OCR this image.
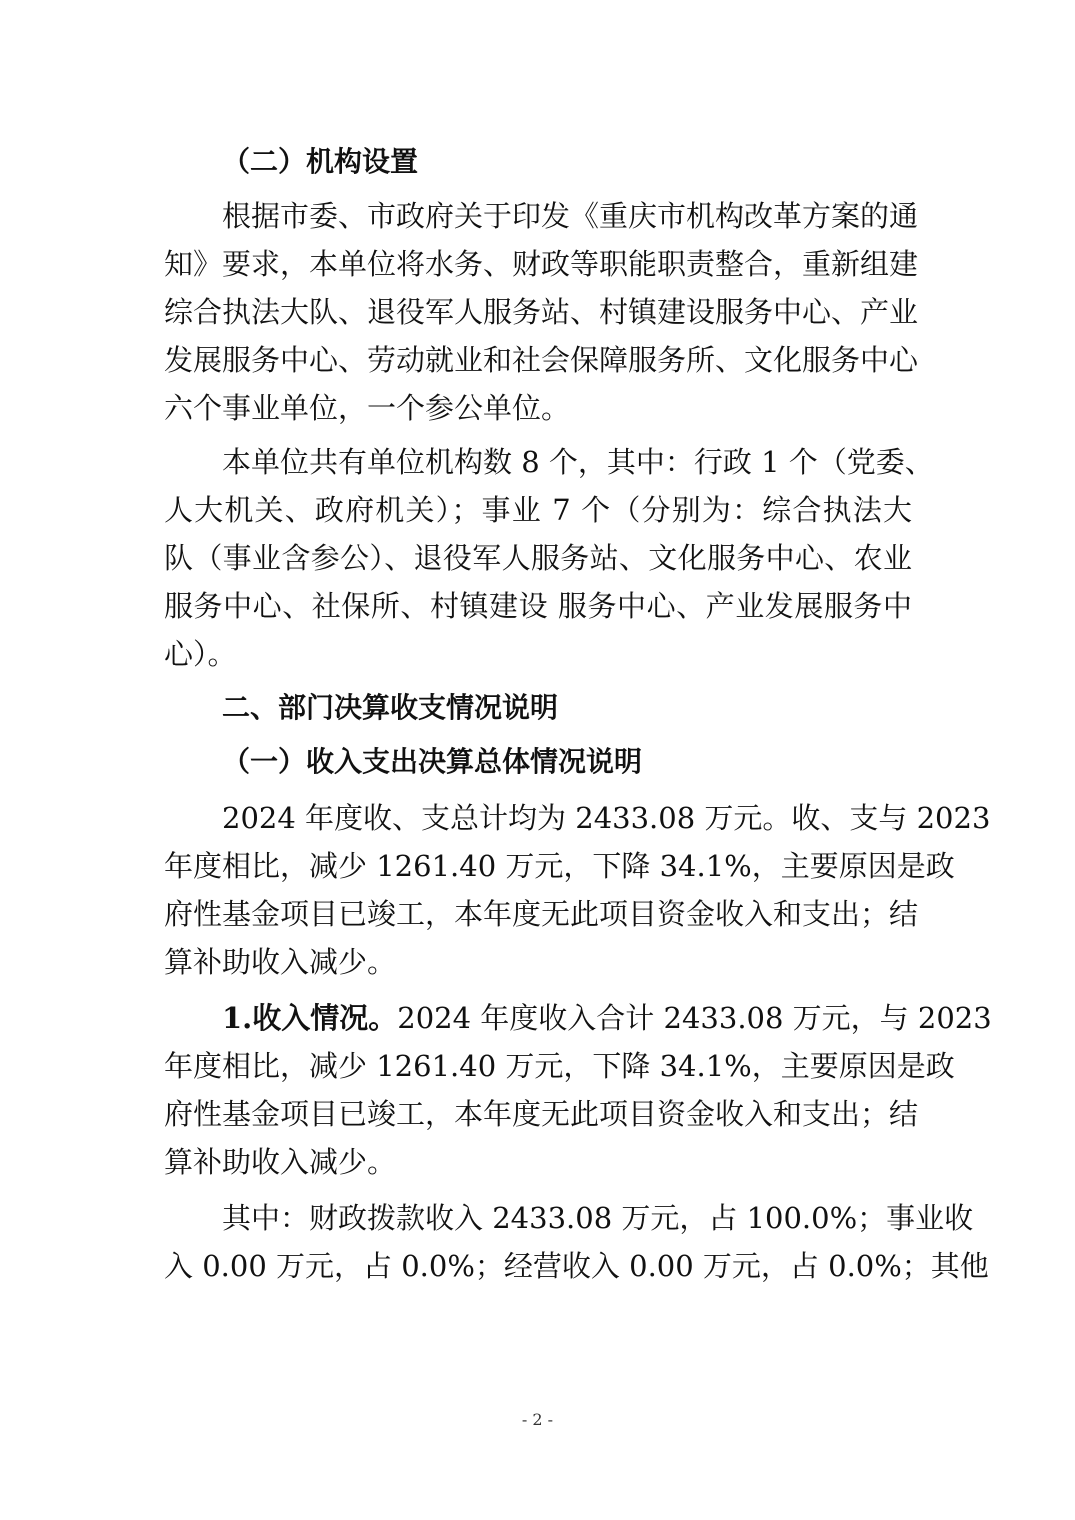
（二）机构设置
根据市委、市政府关于印发《重庆市机构改革方案的通
知》要求，本单位将水务、财政等职能职责整合，重新组建
综合执法大队、退役军人服务站、村镇建设服务中心、产业
发展服务中心、劳动就业和社会保障服务所、文化服务中心
六个事业单位，一个参公单位。
本单位共有单位机构数 8 个，其中：行政 1 个（党委、
人大机关、政府机关）；事业 7 个（分别为：综合执法大
队（事业含参公）、退役军人服务站、文化服务中心、农业
服务中心、社保所、村镇建设 服务中心、产业发展服务中
心）。
二、部门决算收支情况说明
（一）收入支出决算总体情况说明
2024 年度收、支总计均为 2433.08 万元。收、支与 2023
年度相比，减少 1261.40 万元，下降 34.1%，主要原因是政
府性基金项目已竣工，本年度无此项目资金收入和支出；结
算补助收入减少。
1.收入情况。2024 年度收入合计 2433.08 万元，与 2023
年度相比，减少 1261.40 万元，下降 34.1%，主要原因是政
府性基金项目已竣工，本年度无此项目资金收入和支出；结
算补助收入减少。
其中：财政拨款收入 2433.08 万元，占 100.0%；事业收
入 0.00 万元，占 0.0%；经营收入 0.00 万元，占 0.0%；其他
- 2 -
